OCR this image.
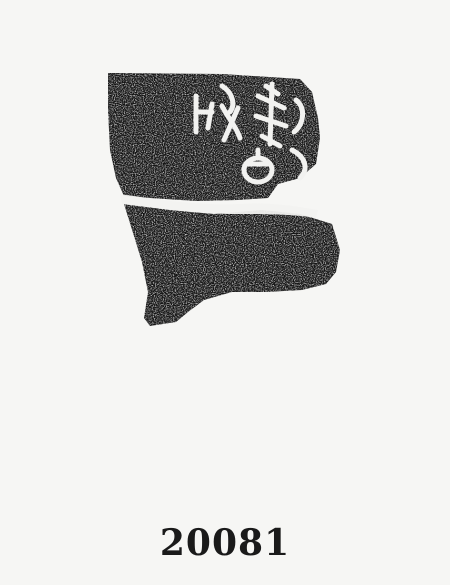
20081
